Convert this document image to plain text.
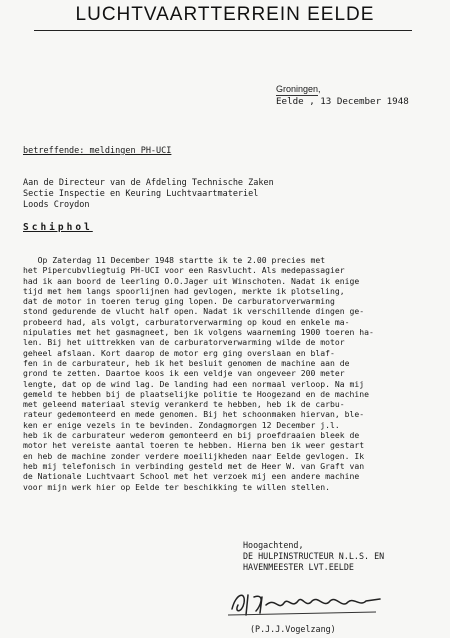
LUCHTVAARTTERREIN EELDE
Groningen,
Eelde , 13 December 1948
betreffende: meldingen PH-UCI
Aan de Directeur van de Afdeling Technische Zaken
Sectie Inspectie en Keuring Luchtvaartmateriel
Loods Croydon
Schiphol
Op Zaterdag 11 December 1948 startte ik te 2.00 precies met
het Pipercubvliegtuig PH-UCI voor een Rasvlucht. Als medepassagier
had ik aan boord de leerling O.O.Jager uit Winschoten. Nadat ik enige
tijd met hem langs spoorlijnen had gevlogen, merkte ik plotseling,
dat de motor in toeren terug ging lopen. De carburatorverwarming
stond gedurende de vlucht half open. Nadat ik verschillende dingen ge-
probeerd had, als volgt, carburatorverwarming op koud en enkele ma-
nipulaties met het gasmagneet, ben ik volgens waarneming 1900 toeren ha-
len. Bij het uittrekken van de carburatorverwarming wilde de motor
geheel afslaan. Kort daarop de motor erg ging overslaan en blaf-
fen in de carburateur, heb ik het besluit genomen de machine aan de
grond te zetten. Daartoe koos ik een veldje van ongeveer 200 meter
lengte, dat op de wind lag. De landing had een normaal verloop. Na mij
gemeld te hebben bij de plaatselijke politie te Hoogezand en de machine
met geleend materiaal stevig verankerd te hebben, heb ik de carbu-
rateur gedemonteerd en mede genomen. Bij het schoonmaken hiervan, ble-
ken er enige vezels in te bevinden. Zondagmorgen 12 December j.l.
heb ik de carburateur wederom gemonteerd en bij proefdraaien bleek de
motor het vereiste aantal toeren te hebben. Hierna ben ik weer gestart
en heb de machine zonder verdere moeilijkheden naar Eelde gevlogen. Ik
heb mij telefonisch in verbinding gesteld met de Heer W. van Graft van
de Nationale Luchtvaart School met het verzoek mij een andere machine
voor mijn werk hier op Eelde ter beschikking te willen stellen.
Hoogachtend,
DE HULPINSTRUCTEUR N.L.S. EN
HAVENMEESTER LVT.EELDE
(P.J.J.Vogelzang)
